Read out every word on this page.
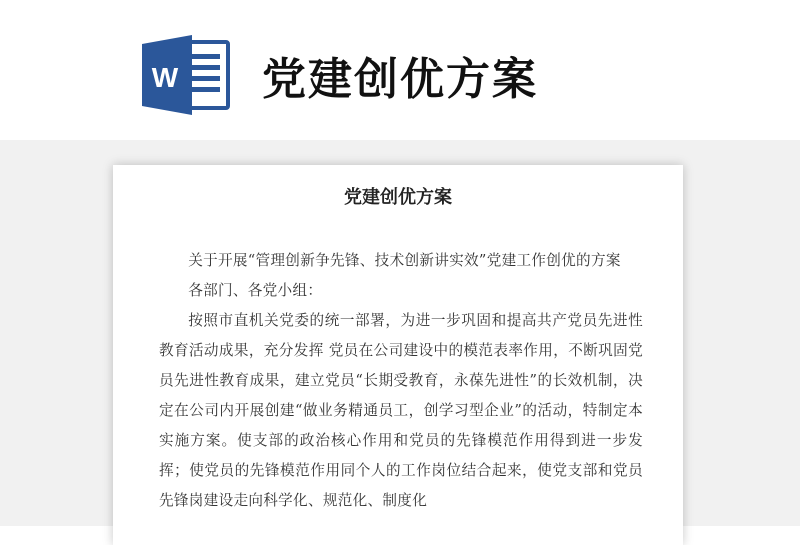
W 党建创优方案
党建创优方案

关于开展“管理创新争先锋、技术创新讲实效”党建工作创优的方案

各部门、各党小组：

按照市直机关党委的统一部署，为进一步巩固和提高共产党员先进性教育活动成果，充分发挥 党员在公司建设中的模范表率作用，不断巩固党员先进性教育成果，建立党员“长期受教育，永葆先进性”的长效机制，决定在公司内开展创建“做业务精通员工，创学习型企业”的活动，特制定本实施方案。使支部的政治核心作用和党员的先锋模范作用得到进一步发挥；使党员的先锋模范作用同个人的工作岗位结合起来，使党支部和党员先锋岗建设走向科学化、规范化、制度化
